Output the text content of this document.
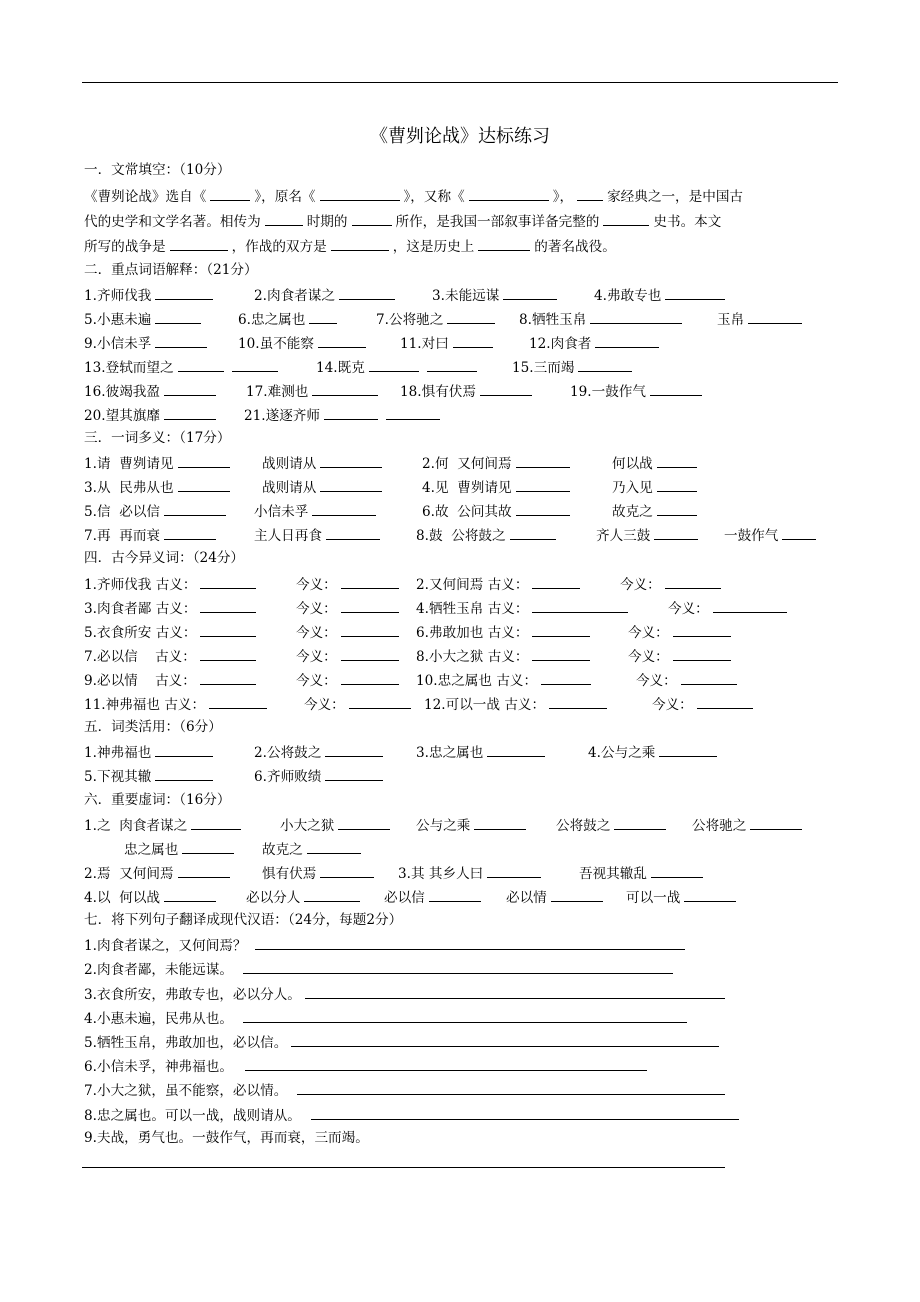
《曹刿论战》达标练习
一．文常填空：（10分）
《曹刿论战》选自《	》，原名《	》，又称《	》，	家经典之一，是中国古
代的史学和文学名著。相传为	时期的	所作，是我国一部叙事详备完整的	史书。本文
所写的战争是	，作战的双方是	，这是历史上	的著名战役。
二．重点词语解释：（21分）
1.齐师伐我	2.肉食者谋之	3.未能远谋	4.弗敢专也
5.小惠未遍	6.忠之属也	7.公将驰之	8.牺牲玉帛	玉帛
9.小信未孚	10.虽不能察	11.对曰	12.肉食者
13.登轼而望之	14.既克	15.三而竭
16.彼竭我盈	17.难测也	18.惧有伏焉	19.一鼓作气
20.望其旗靡	21.遂逐齐师
三．一词多义：（17分）
1.请 曹刿请见	战则请从	2.何 又何间焉	何以战
3.从 民弗从也	战则请从	4.见 曹刿请见	乃入见
5.信 必以信	小信未孚	6.故 公问其故	故克之
7.再 再而衰	主人日再食	8.鼓 公将鼓之	齐人三鼓	一鼓作气
四．古今异义词：（24分）
1.齐师伐我 古义：	今义：	2.又何间焉 古义：	今义：
3.肉食者鄙 古义：	今义：	4.牺牲玉帛 古义：	今义：
5.衣食所安 古义：	今义：	6.弗敢加也 古义：	今义：
7.必以信 古义：	今义：	8.小大之狱 古义：	今义：
9.必以情 古义：	今义：	10.忠之属也 古义：	今义：
11.神弗福也 古义：	今义：	12.可以一战 古义：	今义：
五．词类活用：（6分）
1.神弗福也	2.公将鼓之	3.忠之属也	4.公与之乘
5.下视其辙	6.齐师败绩
六．重要虚词：（16分）
1.之 肉食者谋之	小大之狱	公与之乘	公将鼓之	公将驰之
忠之属也	故克之
2.焉 又何间焉	惧有伏焉	3.其 其乡人曰	吾视其辙乱
4.以 何以战	必以分人	必以信	必以情	可以一战
七．将下列句子翻译成现代汉语：（24分，每题2分）
1.肉食者谋之，又何间焉？
2.肉食者鄙，未能远谋。
3.衣食所安，弗敢专也，必以分人。
4.小惠未遍，民弗从也。
5.牺牲玉帛，弗敢加也，必以信。
6.小信未孚，神弗福也。
7.小大之狱，虽不能察，必以情。
8.忠之属也。可以一战，战则请从。
9.夫战，勇气也。一鼓作气，再而衰，三而竭。
